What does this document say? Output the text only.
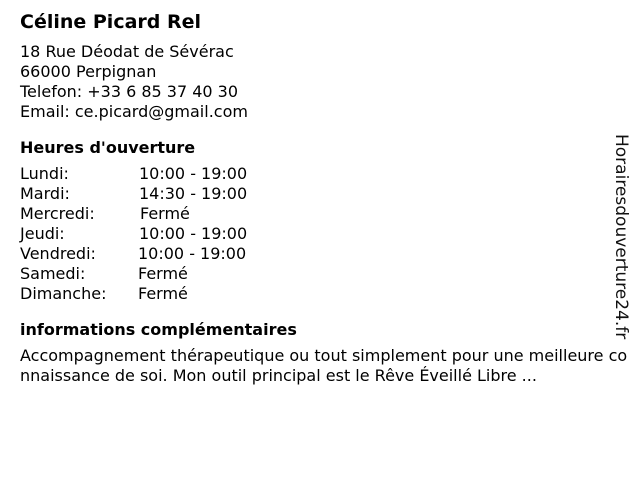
Céline Picard Rel
18 Rue Déodat de Sévérac
66000 Perpignan
Telefon: +33 6 85 37 40 30
Email: ce.picard@gmail.com
Heures d'ouverture
Lundi:	10:00 - 19:00
Mardi:	14:30 - 19:00
Mercredi:	Fermé
Jeudi:	10:00 - 19:00
Vendredi:	10:00 - 19:00
Samedi:	Fermé
Dimanche: Fermé
informations complémentaires
Accompagnement thérapeutique ou tout simplement pour une meilleure connaissance de soi. Mon outil principal est le Rêve Éveillé Libre ...
Horairesdouverture24.fr
